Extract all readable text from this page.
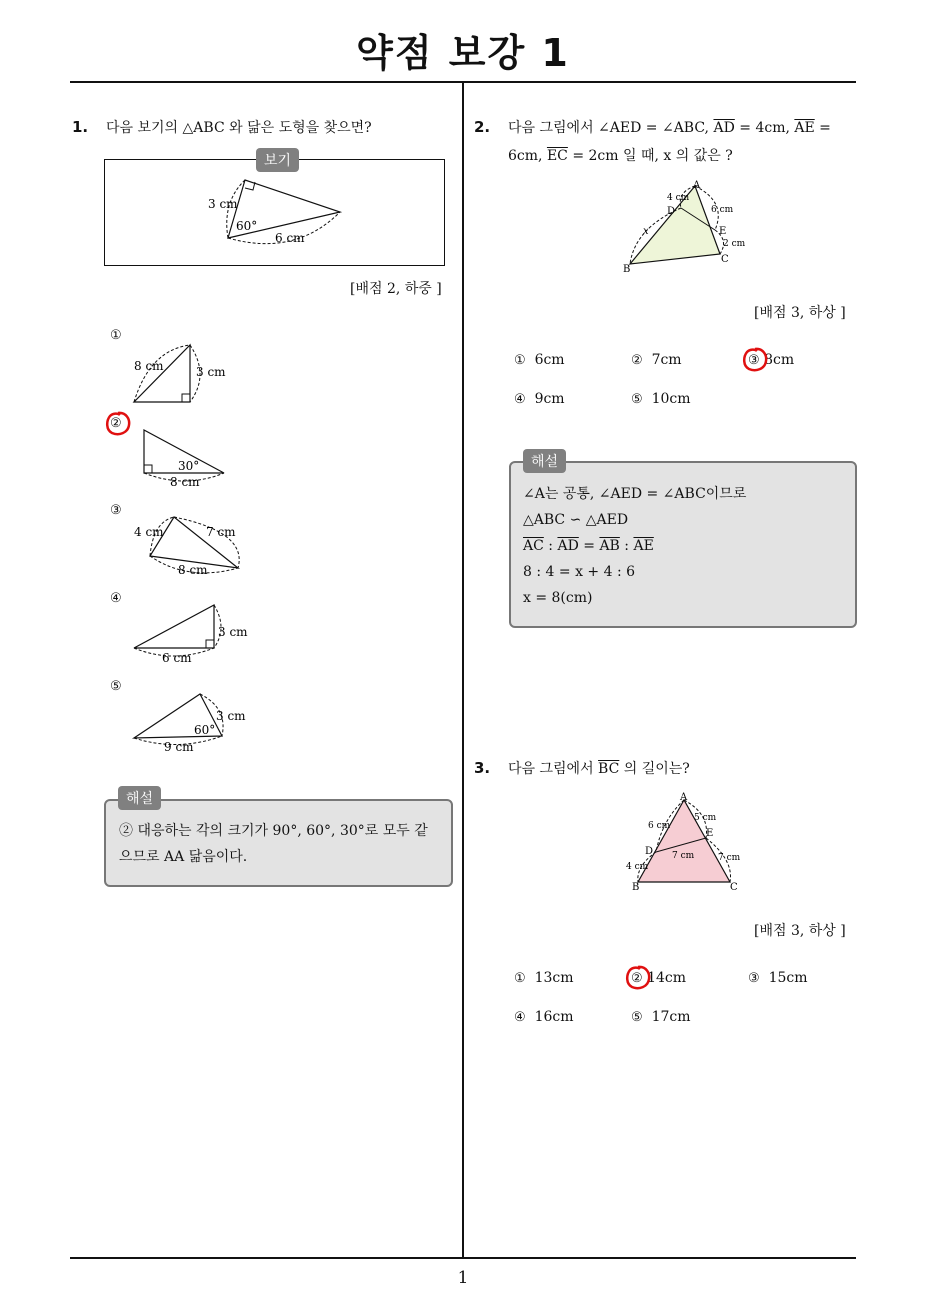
약점 보강 1
1
1. 다음 보기의 △ABC 와 닮은 도형을 찾으면?
보기
3 cm
60°
6 cm
[배점 2, 하중 ]
①
8 cm	3 cm
②
30°
8 cm
③
4 cm	7 cm
8 cm
④
3 cm
6 cm
⑤
3 cm
60°
9 cm
② 대응하는 각의 크기가 90°, 60°, 30°로 모두 같
으므로 AA 닮음이다.
해설
2. 다음 그림에서 ∠AED = ∠ABC, $\overline{AD} = 4cm$, $\overline{AE}$ =
6cm, $\overline{EC} = 2cm$ 일 때, x 의 값은 ?
A
B
C
D
E
4 cm
6 cm
2 cm
x
[배점 3, 하상 ]
① 6cm	② 7cm	③ 8cm
④ 9cm	⑤ 10cm
∠A는 공통, ∠AED = ∠ABC이므로
△ABC ∽ △AED
$\overline{AC}$ : $\overline{AD} = \overline{AB}$ : $\overline{AE}$
8 : 4 = x + 4 : 6
x = 8(cm)
해설
3. 다음 그림에서 $\overline{BC}$ 의 길이는?
A
B	C
D
E
5 cm
6 cm
7 cm	7 cm
4 cm
[배점 3, 하상 ]
① 13cm	② 14cm	③ 15cm
④ 16cm	⑤ 17cm
